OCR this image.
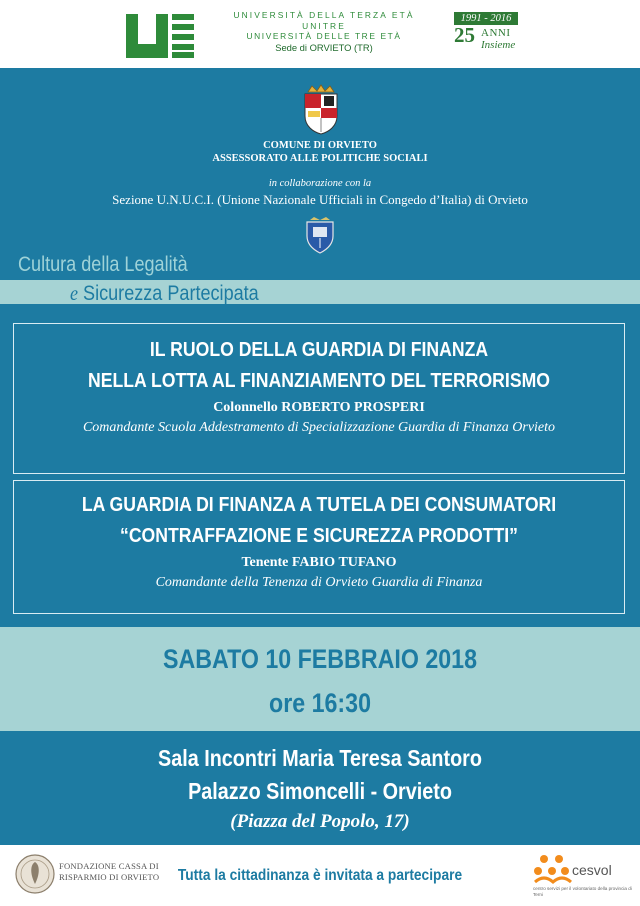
UNIVERSITÀ DELLA TERZA ETÀ
UNITRE
UNIVERSITÀ DELLE TRE ETÀ
Sede di ORVIETO (TR)
1991 - 2016
25 ANNI
Insieme
COMUNE DI ORVIETO
ASSESSORATO ALLE POLITICHE SOCIALI
in collaborazione con la
Sezione U.N.U.C.I. (Unione Nazionale Ufficiali in Congedo d’Italia) di Orvieto
Cultura della Legalità
e Sicurezza Partecipata
IL RUOLO DELLA GUARDIA DI FINANZA
NELLA LOTTA AL FINANZIAMENTO DEL TERRORISMO
Colonnello ROBERTO PROSPERI
Comandante Scuola Addestramento di Specializzazione Guardia di Finanza Orvieto
LA GUARDIA DI FINANZA A TUTELA DEI CONSUMATORI
“CONTRAFFAZIONE E SICUREZZA PRODOTTI”
Tenente FABIO TUFANO
Comandante della Tenenza di Orvieto Guardia di Finanza
SABATO 10 FEBBRAIO 2018
ore 16:30
Sala Incontri Maria Teresa Santoro
Palazzo Simoncelli - Orvieto
(Piazza del Popolo, 17)
FONDAZIONE CASSA DI
RISPARMIO DI ORVIETO	Tutta la cittadinanza è invitata a partecipare	cesvol
centro servizi per il volontariato della provincia di Terni
